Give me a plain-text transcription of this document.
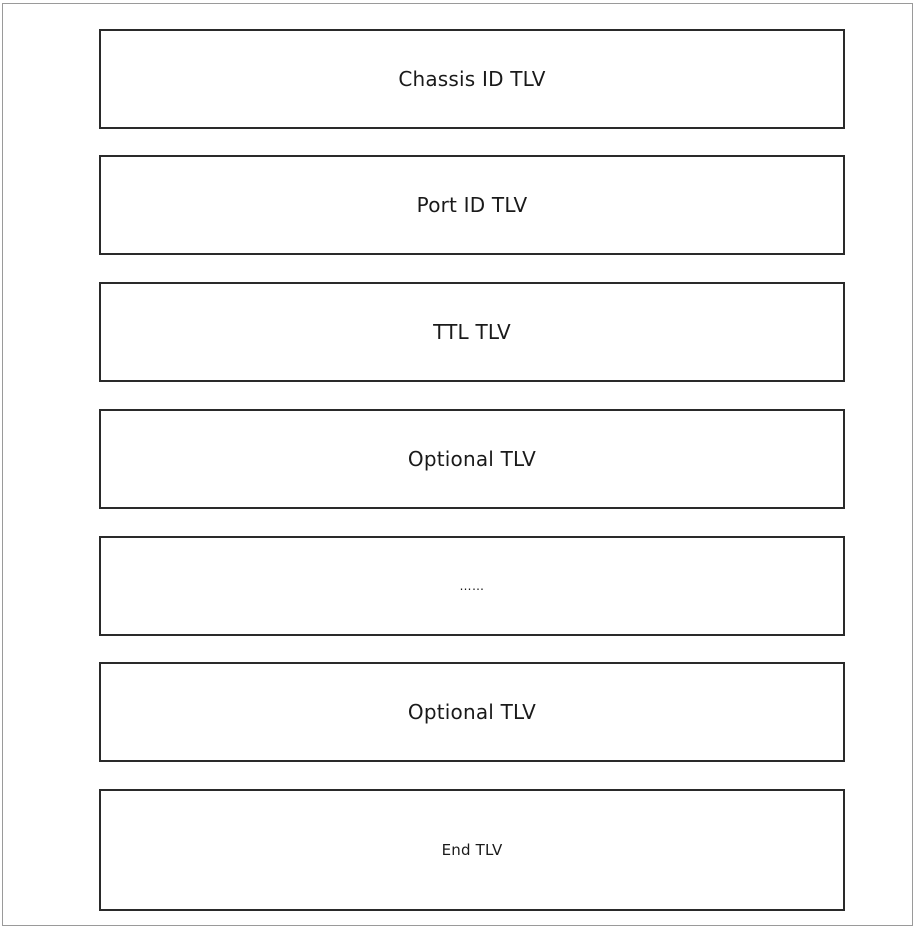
Chassis ID TLV
Port ID TLV
TTL TLV
Optional TLV
……
Optional TLV
End TLV
